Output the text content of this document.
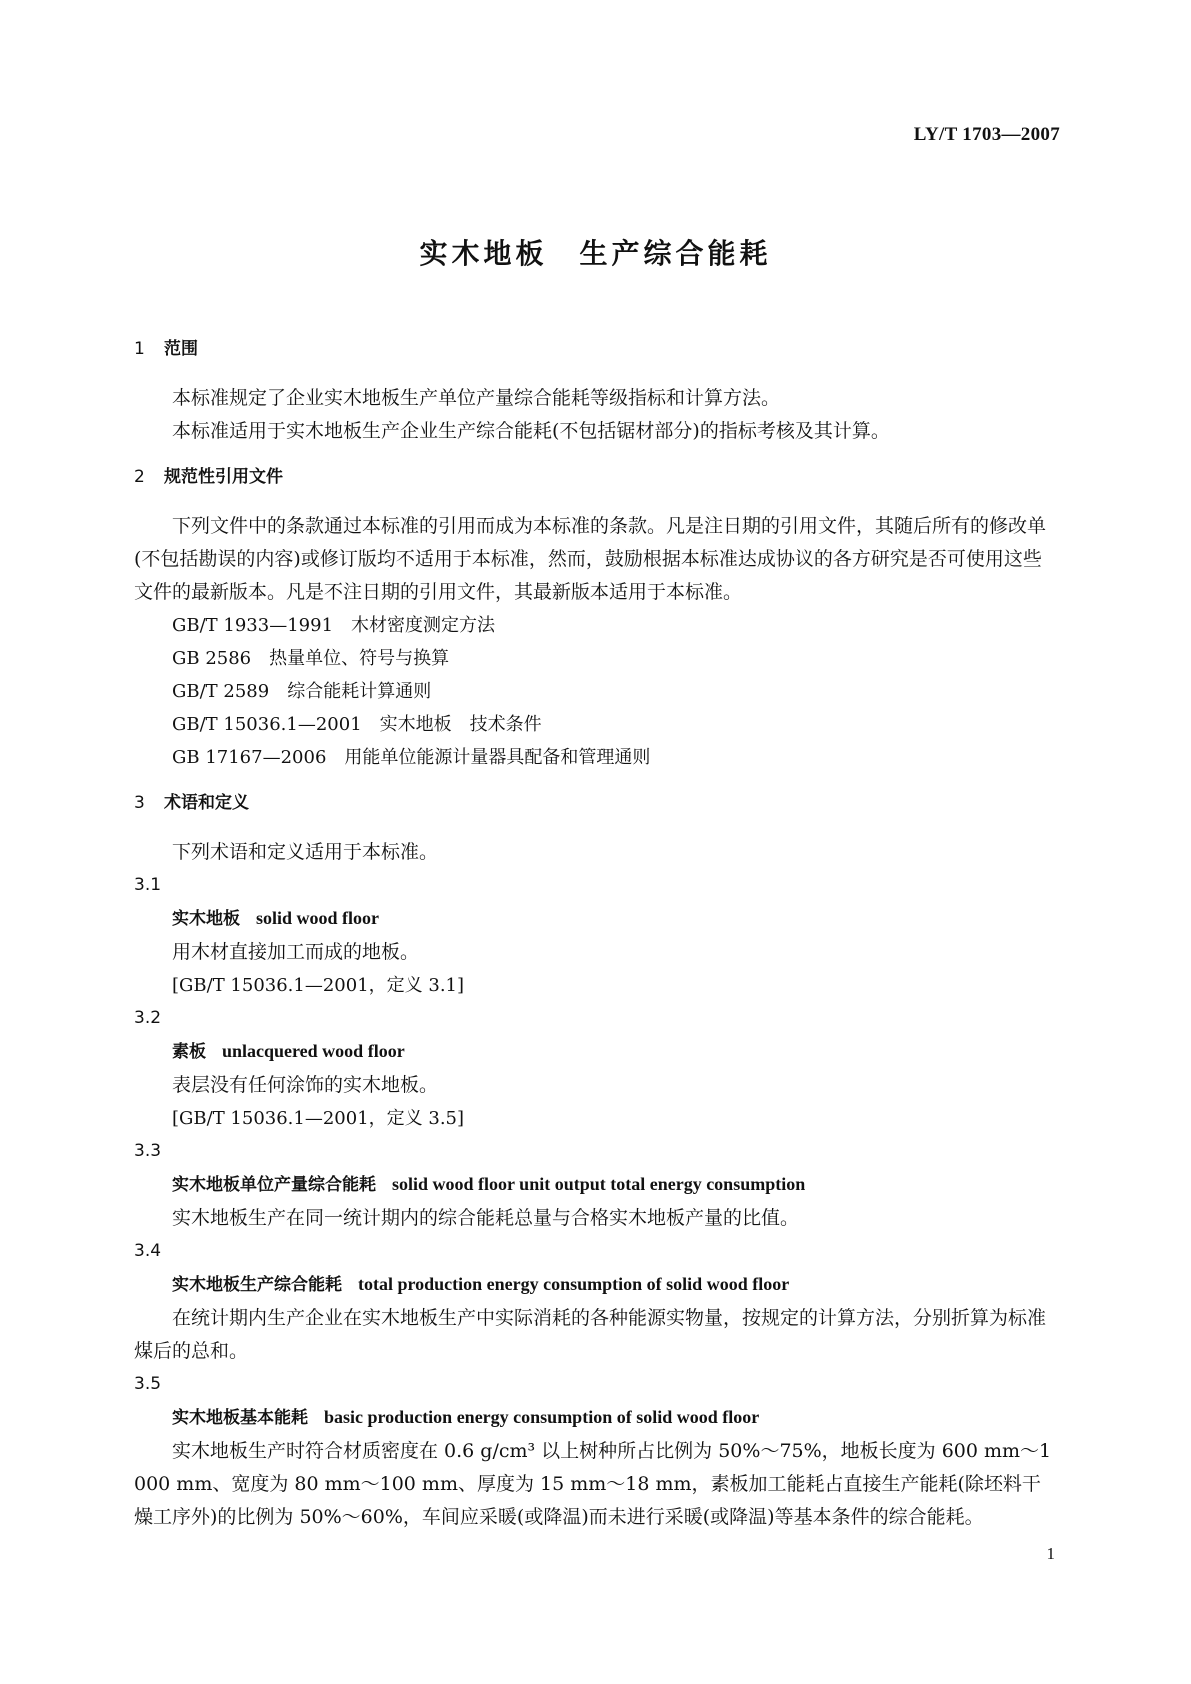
LY/T 1703—2007
实木地板　生产综合能耗
1 范围

本标准规定了企业实木地板生产单位产量综合能耗等级指标和计算方法。

本标准适用于实木地板生产企业生产综合能耗(不包括锯材部分)的指标考核及其计算。

2 规范性引用文件

下列文件中的条款通过本标准的引用而成为本标准的条款。凡是注日期的引用文件，其随后所有的修改单(不包括勘误的内容)或修订版均不适用于本标准，然而，鼓励根据本标准达成协议的各方研究是否可使用这些文件的最新版本。凡是不注日期的引用文件，其最新版本适用于本标准。

GB/T 1933—1991　 木材密度测定方法
GB 2586　 热量单位、符号与换算
GB/T 2589　 综合能耗计算通则
GB/T 15036.1—2001　 实木地板　技术条件
GB 17167—2006　 用能单位能源计量器具配备和管理通则
3 术语和定义

下列术语和定义适用于本标准。

3.1
实木地板 solid wood floor

用木材直接加工而成的地板。

[GB/T 15036.1—2001，定义 3.1]
3.2
素板 unlacquered wood floor

表层没有任何涂饰的实木地板。

[GB/T 15036.1—2001，定义 3.5]
3.3
实木地板单位产量综合能耗 solid wood floor unit output total energy consumption

实木地板生产在同一统计期内的综合能耗总量与合格实木地板产量的比值。

3.4
实木地板生产综合能耗 total production energy consumption of solid wood floor

在统计期内生产企业在实木地板生产中实际消耗的各种能源实物量，按规定的计算方法，分别折算为标准煤后的总和。

3.5
实木地板基本能耗 basic production energy consumption of solid wood floor

实木地板生产时符合材质密度在 0.6 g/cm³ 以上树种所占比例为 50%～75%，地板长度为 600 mm～1 000 mm、宽度为 80 mm～100 mm、厚度为 15 mm～18 mm，素板加工能耗占直接生产能耗(除坯料干燥工序外)的比例为 50%～60%，车间应采暖(或降温)而未进行采暖(或降温)等基本条件的综合能耗。

1
